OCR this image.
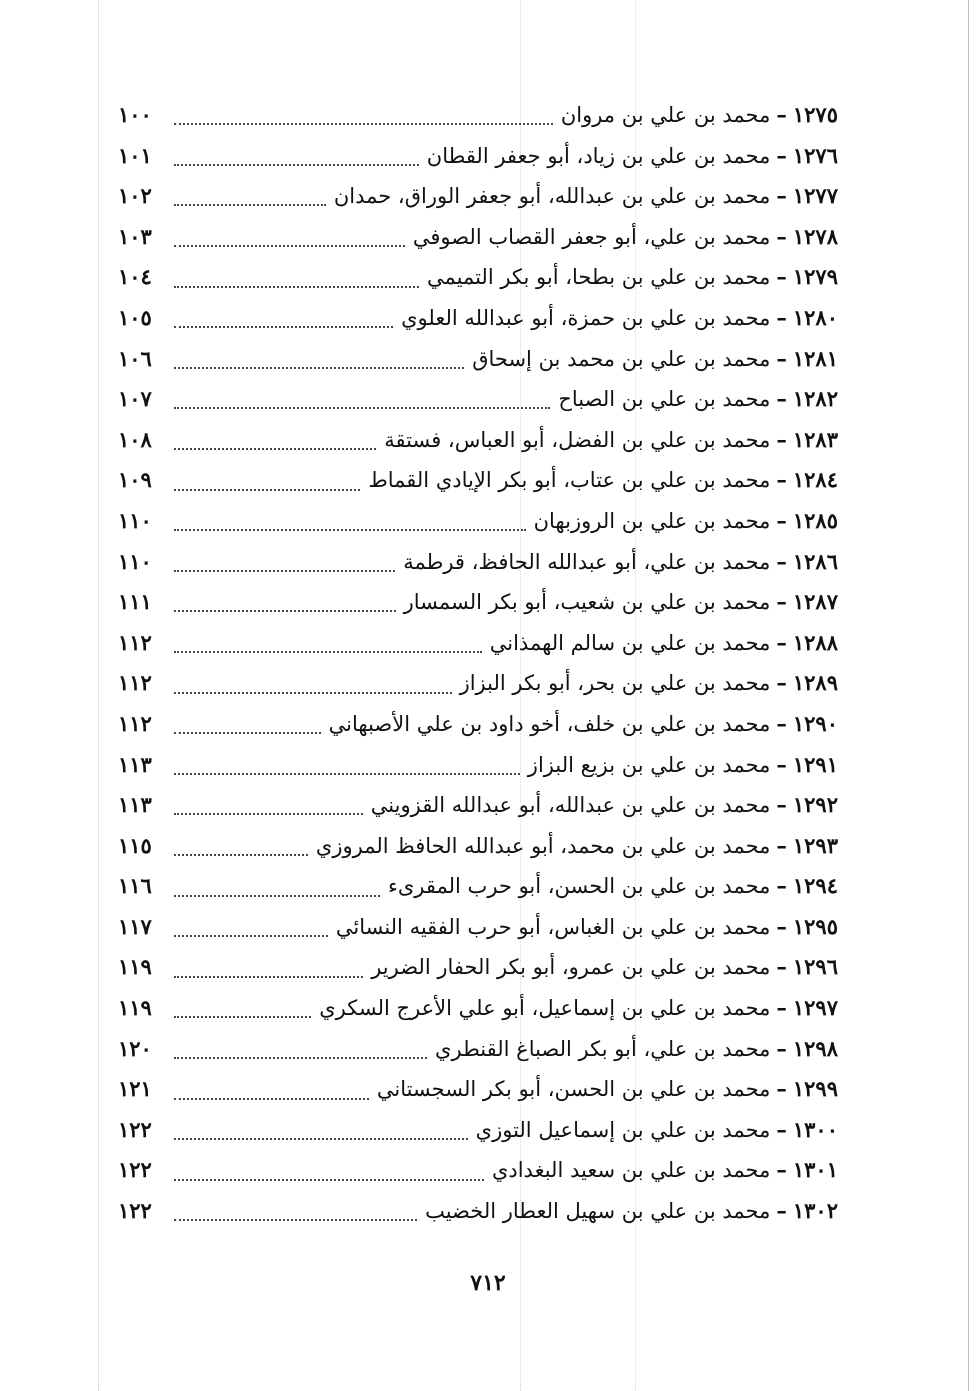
١٢٧٥
–
محمد بن علي بن مروان
١٠٠
١٢٧٦
–
محمد بن علي بن زياد، أبو جعفر القطان
١٠١
١٢٧٧
–
محمد بن علي بن عبدالله، أبو جعفر الوراق، حمدان
١٠٢
١٢٧٨
–
محمد بن علي، أبو جعفر القصاب الصوفي
١٠٣
١٢٧٩
–
محمد بن علي بن بطحا، أبو بكر التميمي
١٠٤
١٢٨٠
–
محمد بن علي بن حمزة، أبو عبدالله العلوي
١٠٥
١٢٨١
–
محمد بن علي بن محمد بن إسحاق
١٠٦
١٢٨٢
–
محمد بن علي بن الصباح
١٠٧
١٢٨٣
–
محمد بن علي بن الفضل، أبو العباس، فستقة
١٠٨
١٢٨٤
–
محمد بن علي بن عتاب، أبو بكر الإيادي القماط
١٠٩
١٢٨٥
–
محمد بن علي بن الروزبهان
١١٠
١٢٨٦
–
محمد بن علي، أبو عبدالله الحافظ، قرطمة
١١٠
١٢٨٧
–
محمد بن علي بن شعيب، أبو بكر السمسار
١١١
١٢٨٨
–
محمد بن علي بن سالم الهمذاني
١١٢
١٢٨٩
–
محمد بن علي بن بحر، أبو بكر البزاز
١١٢
١٢٩٠
–
محمد بن علي بن خلف، أخو داود بن علي الأصبهاني
١١٢
١٢٩١
–
محمد بن علي بن بزيع البزاز
١١٣
١٢٩٢
–
محمد بن علي بن عبدالله، أبو عبدالله القزويني
١١٣
١٢٩٣
–
محمد بن علي بن محمد، أبو عبدالله الحافظ المروزي
١١٥
١٢٩٤
–
محمد بن علي بن الحسن، أبو حرب المقرىء
١١٦
١٢٩٥
–
محمد بن علي بن الغباس، أبو حرب الفقيه النسائي
١١٧
١٢٩٦
–
محمد بن علي بن عمرو، أبو بكر الحفار الضرير
١١٩
١٢٩٧
–
محمد بن علي بن إسماعيل، أبو علي الأعرج السكري
١١٩
١٢٩٨
–
محمد بن علي، أبو بكر الصباغ القنطري
١٢٠
١٢٩٩
–
محمد بن علي بن الحسن، أبو بكر السجستاني
١٢١
١٣٠٠
–
محمد بن علي بن إسماعيل التوزي
١٢٢
١٣٠١
–
محمد بن علي بن سعيد البغدادي
١٢٢
١٣٠٢
–
محمد بن علي بن سهيل العطار الخضيب
١٢٢
٧١٢
